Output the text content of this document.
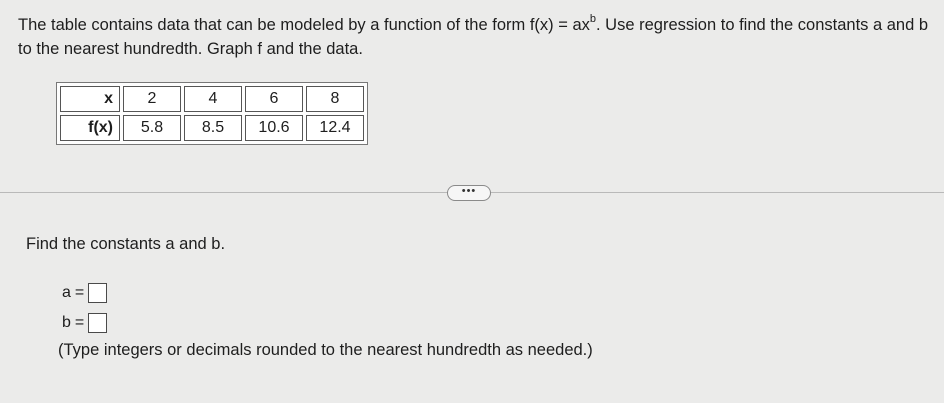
The table contains data that can be modeled by a function of the form $f(x) = ax^b$. Use regression to find the constants a and b to the nearest hundredth. Graph f and the data.
x	2	4	6	8
f(x)	5.8	8.5	10.6	12.4
•••
Find the constants a and b.
a =
b =
(Type integers or decimals rounded to the nearest hundredth as needed.)
